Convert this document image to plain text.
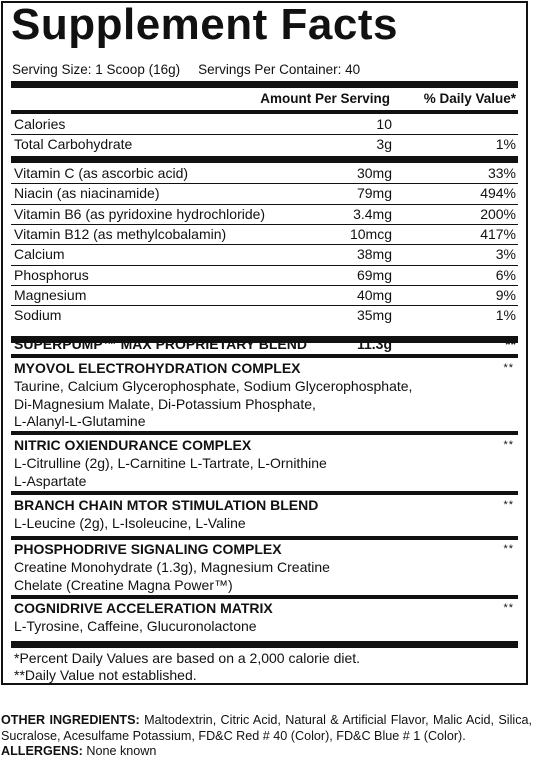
Supplement Facts
Serving Size: 1 Scoop (16g) Servings Per Container: 40
Amount Per Serving % Daily Value*
Calories	10
Total Carbohydrate	3g	1%
Vitamin C (as ascorbic acid)	30mg	33%
Niacin (as niacinamide)	79mg	494%
Vitamin B6 (as pyridoxine hydrochloride)	3.4mg	200%
Vitamin B12 (as methylcobalamin)	10mcg	417%
Calcium	38mg	3%
Phosphorus	69mg	6%
Magnesium	40mg	9%
Sodium	35mg	1%
SUPERPUMP™ MAX PROPRIETARY BLEND	11.3g	**
MYOVOL ELECTROHYDRATION COMPLEX	**
Taurine, Calcium Glycerophosphate, Sodium Glycerophosphate,
Di-Magnesium Malate, Di-Potassium Phosphate,
L-Alanyl-L-Glutamine
NITRIC OXIENDURANCE COMPLEX	**
L-Citrulline (2g), L-Carnitine L-Tartrate, L-Ornithine
L-Aspartate
BRANCH CHAIN MTOR STIMULATION BLEND	**
L-Leucine (2g), L-Isoleucine, L-Valine
PHOSPHODRIVE SIGNALING COMPLEX	**
Creatine Monohydrate (1.3g), Magnesium Creatine
Chelate (Creatine Magna Power™)
COGNIDRIVE ACCELERATION MATRIX	**
L-Tyrosine, Caffeine, Glucuronolactone
*Percent Daily Values are based on a 2,000 calorie diet.
**Daily Value not established.
OTHER INGREDIENTS: Maltodextrin, Citric Acid, Natural & Artificial Flavor, Malic Acid, Silica, Sucralose, Acesulfame Potassium, FD&C Red # 40 (Color), FD&C Blue # 1 (Color).
ALLERGENS: None known
